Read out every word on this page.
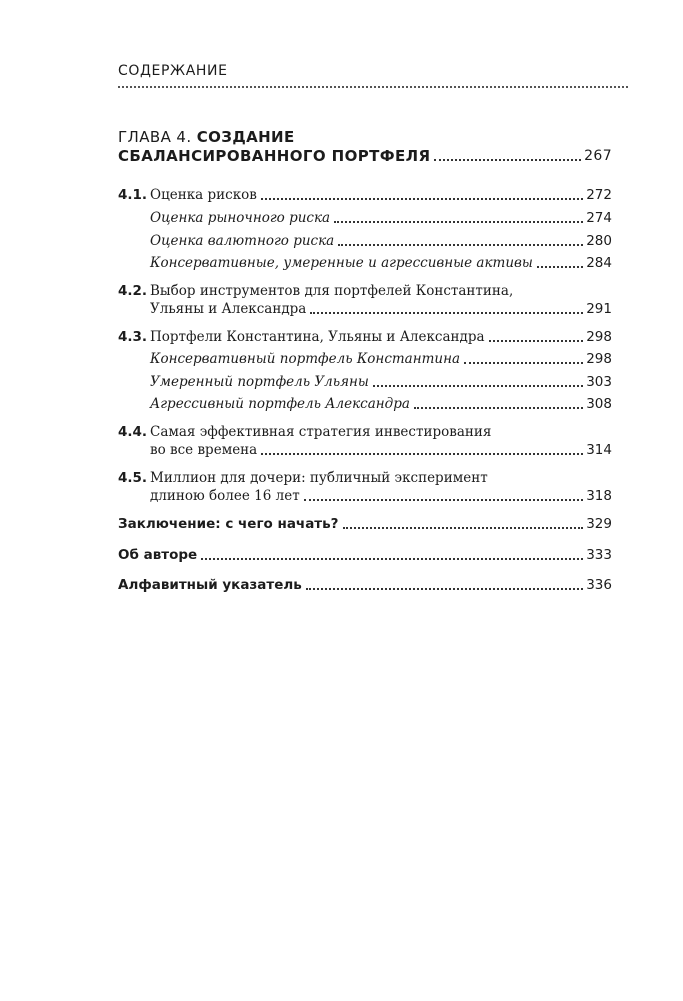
СОДЕРЖАНИЕ
ГЛАВА 4. СОЗДАНИЕ
СБАЛАНСИРОВАННОГО ПОРТФЕЛЯ	267
4.1. Оценка рисков	272
Оценка рыночного риска	274
Оценка валютного риска	280
Консервативные, умеренные и агрессивные активы	284
4.2. Выбор инструментов для портфелей Константина,
Ульяны и Александра	291
4.3. Портфели Константина, Ульяны и Александра	298
Консервативный портфель Константина	298
Умеренный портфель Ульяны	303
Агрессивный портфель Александра	308
4.4. Самая эффективная стратегия инвестирования
во все времена	314
4.5. Миллион для дочери: публичный эксперимент
длиною более 16 лет	318
Заключение: с чего начать?	329
Об авторе	333
Алфавитный указатель	336
